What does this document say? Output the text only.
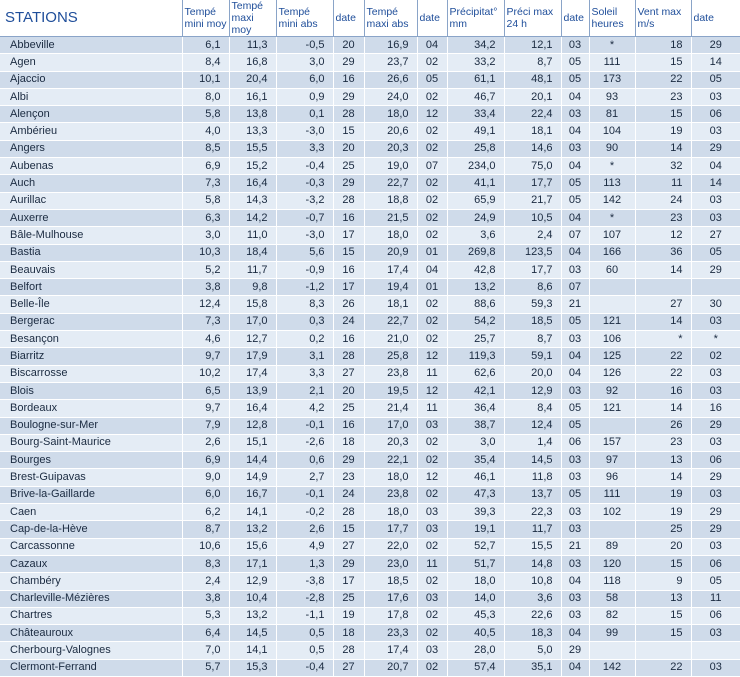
STATIONS	Tempé mini moy	Tempé maxi moy	Tempé mini abs	date	Tempé maxi abs	date	Précipitat° mm	Préci max 24 h	date	Soleil heures	Vent max m/s	date
Abbeville	6,1	11,3	-0,5	20	16,9	04	34,2	12,1	03	*	18	29
Agen	8,4	16,8	3,0	29	23,7	02	33,2	8,7	05	111	15	14
Ajaccio	10,1	20,4	6,0	16	26,6	05	61,1	48,1	05	173	22	05
Albi	8,0	16,1	0,9	29	24,0	02	46,7	20,1	04	93	23	03
Alençon	5,8	13,8	0,1	28	18,0	12	33,4	22,4	03	81	15	06
Ambérieu	4,0	13,3	-3,0	15	20,6	02	49,1	18,1	04	104	19	03
Angers	8,5	15,5	3,3	20	20,3	02	25,8	14,6	03	90	14	29
Aubenas	6,9	15,2	-0,4	25	19,0	07	234,0	75,0	04	*	32	04
Auch	7,3	16,4	-0,3	29	22,7	02	41,1	17,7	05	113	11	14
Aurillac	5,8	14,3	-3,2	28	18,8	02	65,9	21,7	05	142	24	03
Auxerre	6,3	14,2	-0,7	16	21,5	02	24,9	10,5	04	*	23	03
Bâle-Mulhouse	3,0	11,0	-3,0	17	18,0	02	3,6	2,4	07	107	12	27
Bastia	10,3	18,4	5,6	15	20,9	01	269,8	123,5	04	166	36	05
Beauvais	5,2	11,7	-0,9	16	17,4	04	42,8	17,7	03	60	14	29
Belfort	3,8	9,8	-1,2	17	19,4	01	13,2	8,6	07			
Belle-Île	12,4	15,8	8,3	26	18,1	02	88,6	59,3	21		27	30
Bergerac	7,3	17,0	0,3	24	22,7	02	54,2	18,5	05	121	14	03
Besançon	4,6	12,7	0,2	16	21,0	02	25,7	8,7	03	106	*	*
Biarritz	9,7	17,9	3,1	28	25,8	12	119,3	59,1	04	125	22	02
Biscarrosse	10,2	17,4	3,3	27	23,8	11	62,6	20,0	04	126	22	03
Blois	6,5	13,9	2,1	20	19,5	12	42,1	12,9	03	92	16	03
Bordeaux	9,7	16,4	4,2	25	21,4	11	36,4	8,4	05	121	14	16
Boulogne-sur-Mer	7,9	12,8	-0,1	16	17,0	03	38,7	12,4	05		26	29
Bourg-Saint-Maurice	2,6	15,1	-2,6	18	20,3	02	3,0	1,4	06	157	23	03
Bourges	6,9	14,4	0,6	29	22,1	02	35,4	14,5	03	97	13	06
Brest-Guipavas	9,0	14,9	2,7	23	18,0	12	46,1	11,8	03	96	14	29
Brive-la-Gaillarde	6,0	16,7	-0,1	24	23,8	02	47,3	13,7	05	111	19	03
Caen	6,2	14,1	-0,2	28	18,0	03	39,3	22,3	03	102	19	29
Cap-de-la-Hève	8,7	13,2	2,6	15	17,7	03	19,1	11,7	03		25	29
Carcassonne	10,6	15,6	4,9	27	22,0	02	52,7	15,5	21	89	20	03
Cazaux	8,3	17,1	1,3	29	23,0	11	51,7	14,8	03	120	15	06
Chambéry	2,4	12,9	-3,8	17	18,5	02	18,0	10,8	04	118	9	05
Charleville-Mézières	3,8	10,4	-2,8	25	17,6	03	14,0	3,6	03	58	13	11
Chartres	5,3	13,2	-1,1	19	17,8	02	45,3	22,6	03	82	15	06
Châteauroux	6,4	14,5	0,5	18	23,3	02	40,5	18,3	04	99	15	03
Cherbourg-Valognes	7,0	14,1	0,5	28	17,4	03	28,0	5,0	29			
Clermont-Ferrand	5,7	15,3	-0,4	27	20,7	02	57,4	35,1	04	142	22	03
